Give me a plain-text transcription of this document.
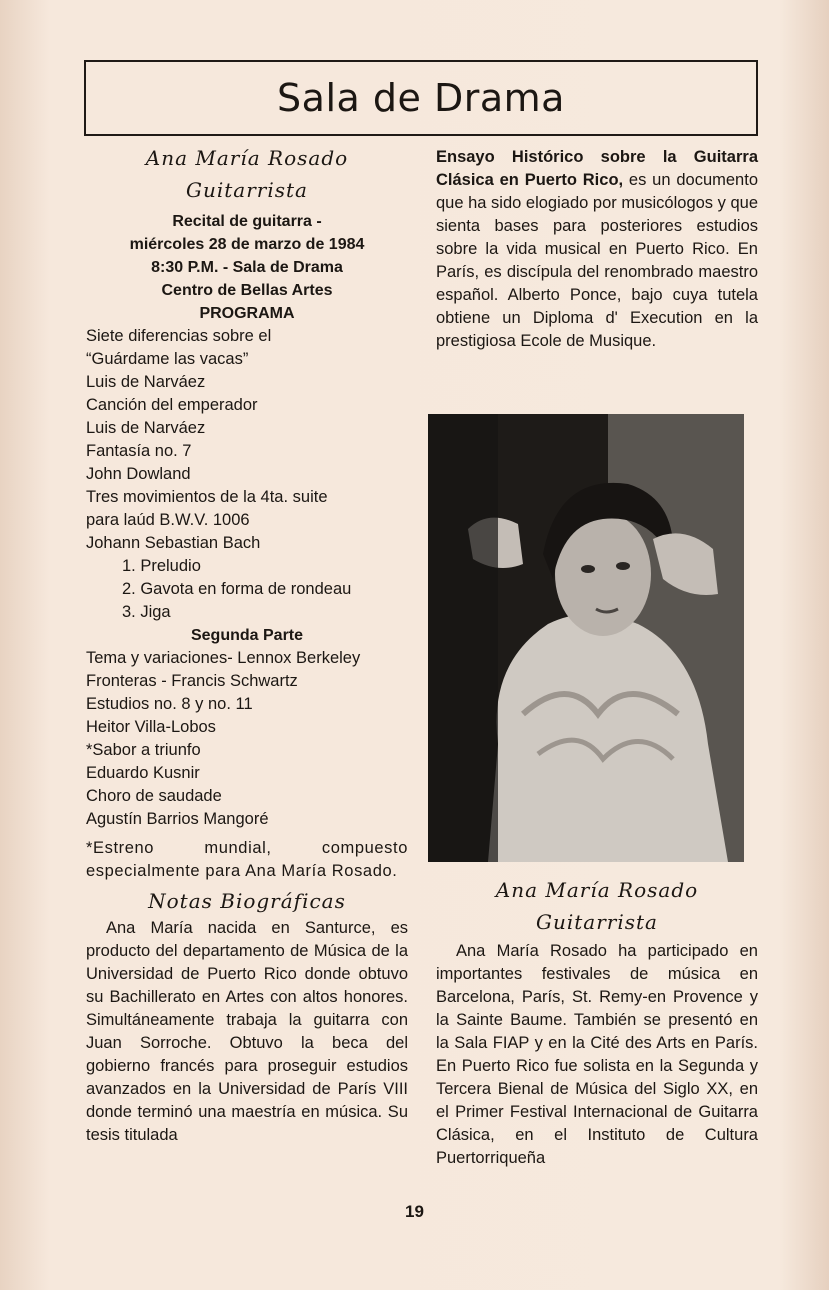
Sala de Drama
Ana María Rosado
Guitarrista
Recital de guitarra -
miércoles 28 de marzo de 1984
8:30 P.M. - Sala de Drama
Centro de Bellas Artes
PROGRAMA
Siete diferencias sobre el
“Guárdame las vacas”
Luis de Narváez
Canción del emperador
Luis de Narváez
Fantasía no. 7
John Dowland
Tres movimientos de la 4ta. suite
para laúd B.W.V. 1006
Johann Sebastian Bach
1. Preludio
2. Gavota en forma de rondeau
3. Jiga
Segunda Parte
Tema y variaciones- Lennox Berkeley
Fronteras - Francis Schwartz
Estudios no. 8 y no. 11
Heitor Villa-Lobos
*Sabor a triunfo
Eduardo Kusnir
Choro de saudade
Agustín Barrios Mangoré
*Estreno mundial, compuesto especialmente para Ana María Rosado.
Notas Biográficas
Ana María nacida en Santurce, es producto del departamento de Música de la Universidad de Puerto Rico donde obtuvo su Bachillerato en Artes con altos honores. Simultáneamente trabaja la guitarra con Juan Sorroche. Obtuvo la beca del gobierno francés para proseguir estudios avanzados en la Universidad de París VIII donde terminó una maestría en música. Su tesis titulada
Ensayo Histórico sobre la Guitarra Clásica en Puerto Rico, es un documento que ha sido elogiado por musicólogos y que sienta bases para posteriores estudios sobre la vida musical en Puerto Rico. En París, es discípula del renombrado maestro español. Alberto Ponce, bajo cuya tutela obtiene un Diploma d' Execution en la prestigiosa Ecole de Musique.
Ana María Rosado
Guitarrista
Ana María Rosado ha participado en importantes festivales de música en Barcelona, París, St. Remy-en Provence y la Sainte Baume. También se presentó en la Sala FIAP y en la Cité des Arts en París. En Puerto Rico fue solista en la Segunda y Tercera Bienal de Música del Siglo XX, en el Primer Festival Internacional de Guitarra Clásica, en el Instituto de Cultura Puertorriqueña
19
